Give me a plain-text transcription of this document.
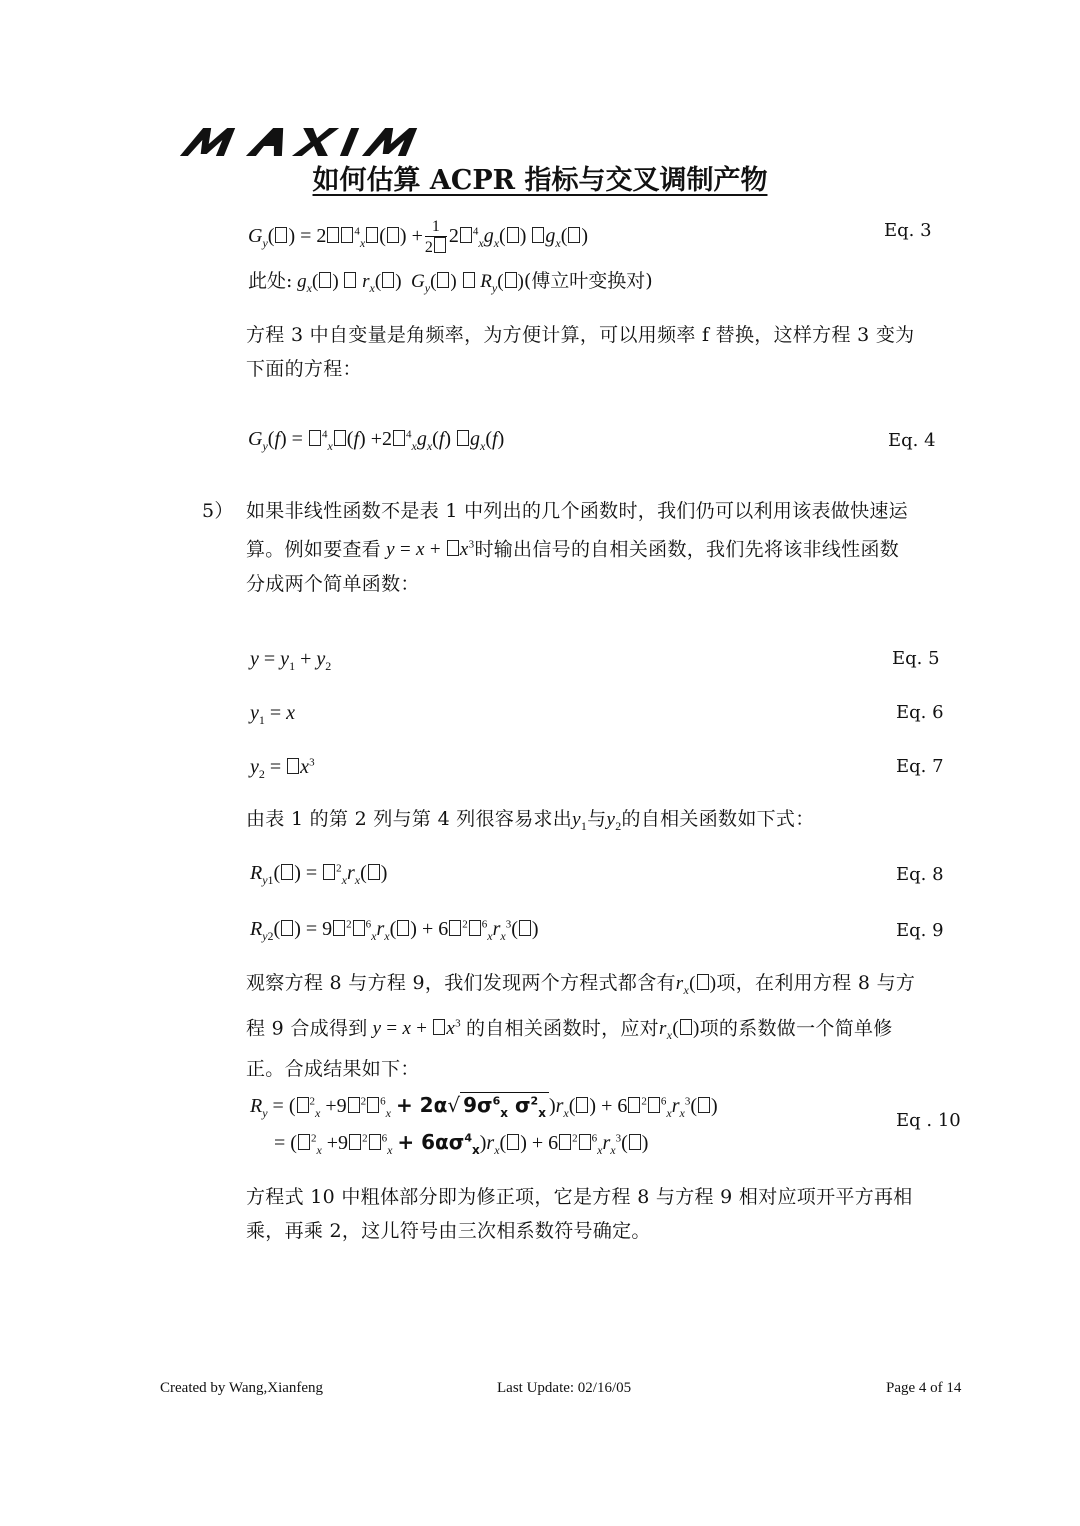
如何估算 ACPR 指标与交叉调制产物
$G_y$( ) = 2	$^4_x$ ( ) + $\frac{1}{2} 2$ $^4_xg_x$( ) $g_x$( )	Eq. 3
此处: $g_x$( )  $r_x$( )  $G_y$( )  $R_y$( )(傅立叶变换对)
方程 3 中自变量是角频率，为方便计算，可以用频率 f 替换，这样方程 3 变为
下面的方程：
$G_y(f) = ^4_x$ (f) +2 $^4_xg_x(f)$ $g_x(f)$	Eq. 4
5） 如果非线性函数不是表 1 中列出的几个函数时，我们仍可以利用该表做快速运
算。例如要查看 $y = x + x^3$时输出信号的自相关函数，我们先将该非线性函数
分成两个简单函数：
$y = y_1 + y_2$	Eq. 5
$y_1 = x$	Eq. 6
$y_2 = x^3$	Eq. 7
由表 1 的第 2 列与第 4 列很容易求出$y_1$与$y_2$的自相关函数如下式：
$R_{y1}$( ) = $^2_xr_x$( )	Eq. 8
$R_{y2}$( ) = 9 $^2$ $^6_xr_x$( ) + 6 $^2$ $^6_xr_x^3$( )	Eq. 9
观察方程 8 与方程 9，我们发现两个方程式都含有$r_x$( )项，在利用方程 8 与方
程 9 合成得到 $y = x + x^3$ 的自相关函数时，应对$r_x$( )项的系数做一个简单修
正。合成结果如下：
$R_y$ = ( $^2_x$ +9 $^2$ $^6_x$ + 2α√ $9\sigma^6_x$ $\sigma^2_x$ )$r_x$( ) + 6 $^2$ $^6_xr_x^3$( )
= ( $^2_x$ +9 $^2$ $^6_x + 6\alpha\sigma^4_x)r_x$( ) + 6 $^2$ $^6_xr_x^3$( )
Eq . 10
方程式 10 中粗体部分即为修正项，它是方程 8 与方程 9 相对应项开平方再相
乘，再乘 2，这儿符号由三次相系数符号确定。
Created by Wang,Xianfeng	Last Update: 02/16/05	Page 4 of 14
